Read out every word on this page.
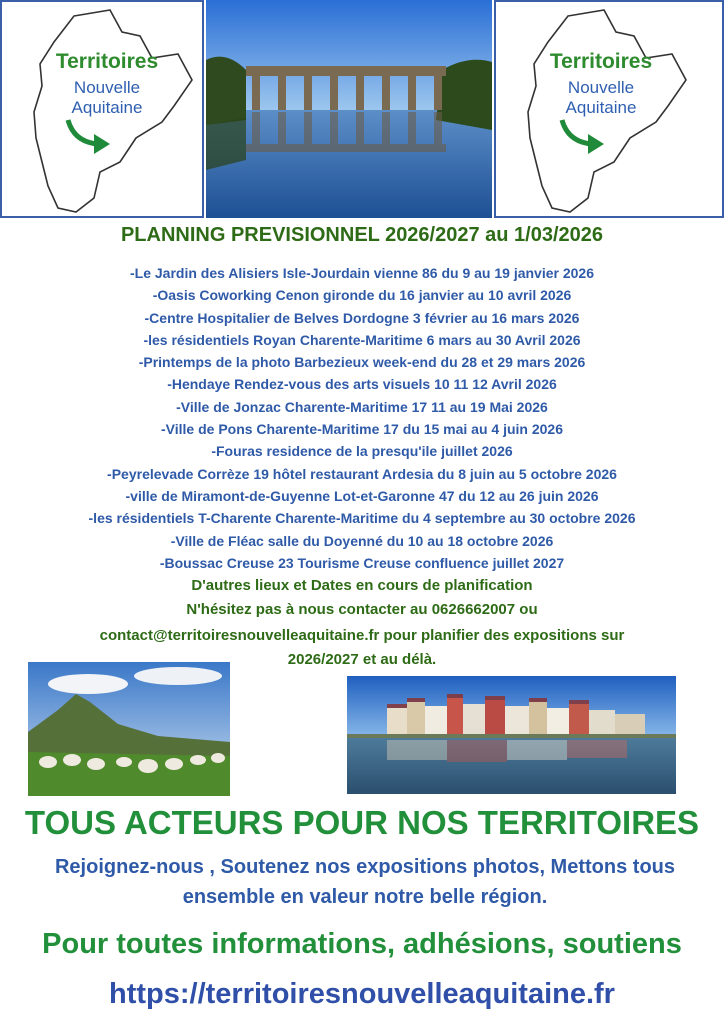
Territoires
Nouvelle
Aquitaine
Territoires
Nouvelle
Aquitaine
PLANNING PREVISIONNEL 2026/2027 au 1/03/2026
-Le Jardin des Alisiers Isle-Jourdain vienne 86 du 9 au 19 janvier 2026
-Oasis Coworking Cenon gironde du 16 janvier au 10 avril 2026
-Centre Hospitalier de Belves Dordogne 3 février au 16 mars 2026
-les résidentiels Royan Charente-Maritime 6 mars au 30 Avril 2026
-Printemps de la photo Barbezieux week-end du 28 et 29 mars 2026
-Hendaye Rendez-vous des arts visuels 10 11 12 Avril 2026
-Ville de Jonzac Charente-Maritime 17 11 au 19 Mai 2026
-Ville de Pons Charente-Maritime 17 du 15 mai au 4 juin 2026
-Fouras residence de la presqu'ile juillet 2026
-Peyrelevade Corrèze 19 hôtel restaurant Ardesia du 8 juin au 5 octobre 2026
-ville de Miramont-de-Guyenne Lot-et-Garonne 47 du 12 au 26 juin 2026
-les résidentiels T-Charente Charente-Maritime du 4 septembre au 30 octobre 2026
-Ville de Fléac salle du Doyenné du 10 au 18 octobre 2026
-Boussac Creuse 23 Tourisme Creuse confluence juillet 2027
D'autres lieux et Dates en cours de planification
N'hésitez pas à nous contacter au 0626662007 ou
contact@territoiresnouvelleaquitaine.fr pour planifier des expositions sur
2026/2027 et au délà.
TOUS ACTEURS POUR NOS TERRITOIRES
Rejoignez-nous , Soutenez nos expositions photos, Mettons tous ensemble en valeur notre belle région.
Pour toutes informations, adhésions, soutiens
https://territoiresnouvelleaquitaine.fr
